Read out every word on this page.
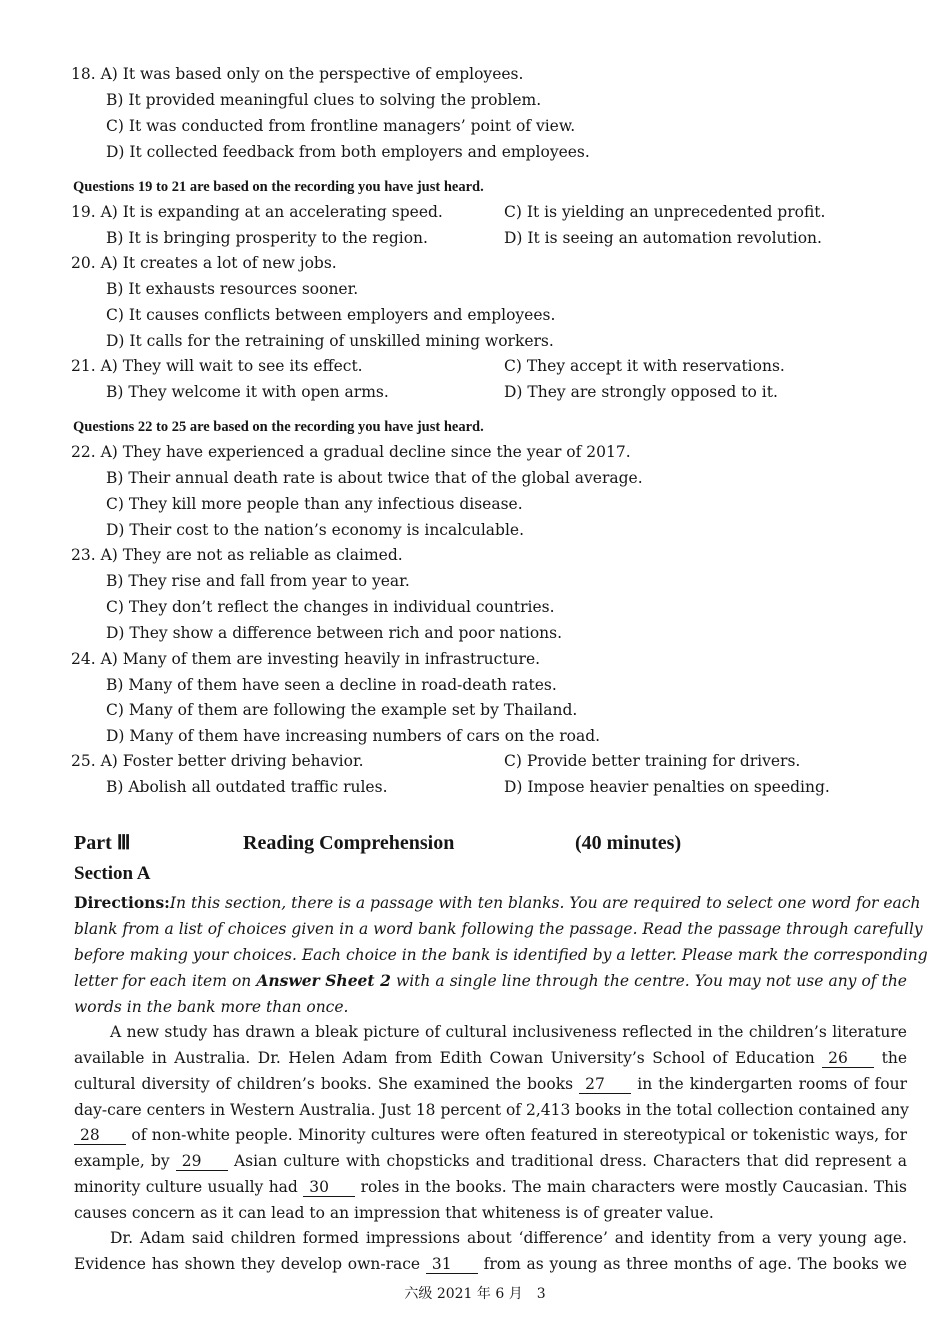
18. A) It was based only on the perspective of employees.
B) It provided meaningful clues to solving the problem.
C) It was conducted from frontline managers’ point of view.
D) It collected feedback from both employers and employees.
Questions 19 to 21 are based on the recording you have just heard.
19. A) It is expanding at an accelerating speed.	C) It is yielding an unprecedented profit.
B) It is bringing prosperity to the region.	D) It is seeing an automation revolution.
20. A) It creates a lot of new jobs.
B) It exhausts resources sooner.
C) It causes conflicts between employers and employees.
D) It calls for the retraining of unskilled mining workers.
21. A) They will wait to see its effect.	C) They accept it with reservations.
B) They welcome it with open arms.	D) They are strongly opposed to it.
Questions 22 to 25 are based on the recording you have just heard.
22. A) They have experienced a gradual decline since the year of 2017.
B) Their annual death rate is about twice that of the global average.
C) They kill more people than any infectious disease.
D) Their cost to the nation’s economy is incalculable.
23. A) They are not as reliable as claimed.
B) They rise and fall from year to year.
C) They don’t reflect the changes in individual countries.
D) They show a difference between rich and poor nations.
24. A) Many of them are investing heavily in infrastructure.
B) Many of them have seen a decline in road-death rates.
C) Many of them are following the example set by Thailand.
D) Many of them have increasing numbers of cars on the road.
25. A) Foster better driving behavior.	C) Provide better training for drivers.
B) Abolish all outdated traffic rules.	D) Impose heavier penalties on speeding.
Part Ⅲ	Reading Comprehension	(40 minutes)
Section A
Directions:In this section, there is a passage with ten blanks. You are required to select one word for each
blank from a list of choices given in a word bank following the passage. Read the passage through carefully
before making your choices. Each choice in the bank is identified by a letter. Please mark the corresponding
letter for each item on Answer Sheet 2 with a single line through the centre. You may not use any of the
words in the bank more than once.
A new study has drawn a bleak picture of cultural inclusiveness reflected in the children’s literature
available in Australia. Dr. Helen Adam from Edith Cowan University’s School of Education 26 the
cultural diversity of children’s books. She examined the books 27 in the kindergarten rooms of four
day-care centers in Western Australia. Just 18 percent of 2,413 books in the total collection contained any
28 of non-white people. Minority cultures were often featured in stereotypical or tokenistic ways, for
example, by 29 Asian culture with chopsticks and traditional dress. Characters that did represent a
minority culture usually had 30 roles in the books. The main characters were mostly Caucasian. This
causes concern as it can lead to an impression that whiteness is of greater value.
Dr. Adam said children formed impressions about ‘difference’ and identity from a very young age.
Evidence has shown they develop own-race 31 from as young as three months of age. The books we
六级 2021 年 6 月　3
